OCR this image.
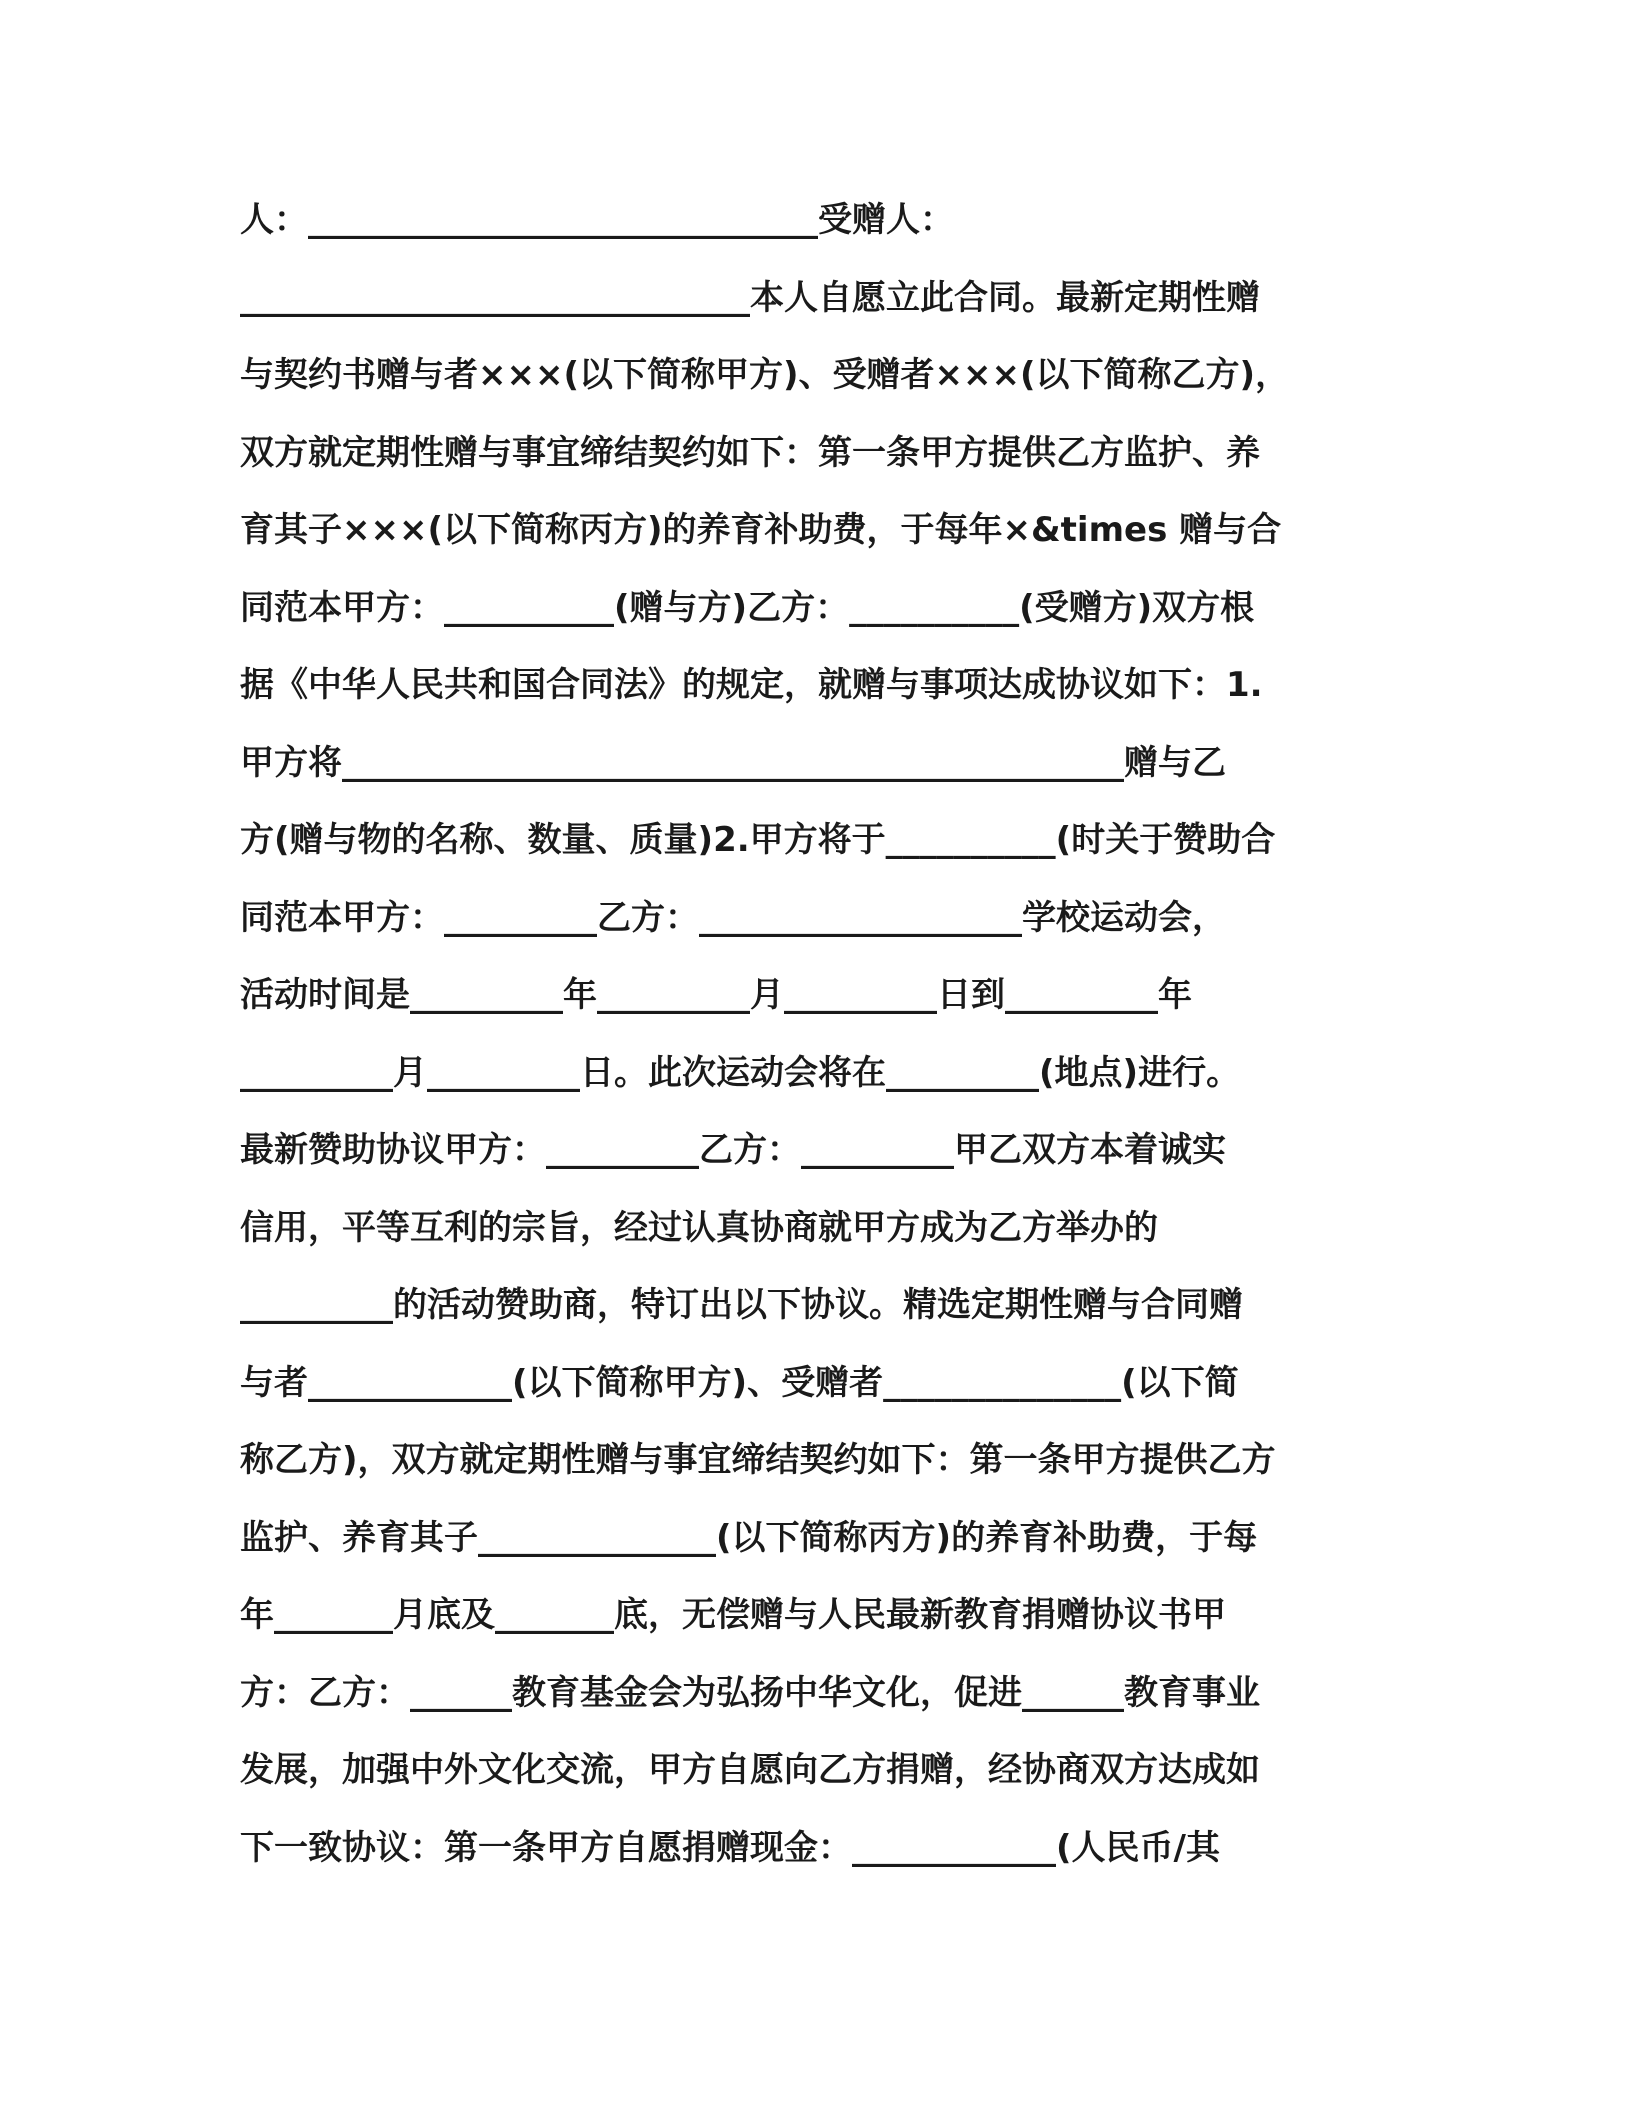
人：______________________________受赠人：
______________________________本人自愿立此合同。最新定期性赠
与契约书赠与者×××(以下简称甲方)、受赠者×××(以下简称乙方)，
双方就定期性赠与事宜缔结契约如下：第一条甲方提供乙方监护、养
育其子×××(以下简称丙方)的养育补助费，于每年×&times 赠与合
同范本甲方：__________(赠与方)乙方：__________(受赠方)双方根
据《中华人民共和国合同法》的规定，就赠与事项达成协议如下：1.
甲方将______________________________________________赠与乙
方(赠与物的名称、数量、质量)2.甲方将于__________(时关于赞助合
同范本甲方：_________乙方：___________________学校运动会，
活动时间是_________年_________月_________日到_________年
_________月_________日。此次运动会将在_________(地点)进行。
最新赞助协议甲方：_________乙方：_________甲乙双方本着诚实
信用，平等互利的宗旨，经过认真协商就甲方成为乙方举办的
_________的活动赞助商，特订出以下协议。精选定期性赠与合同赠
与者____________(以下简称甲方)、受赠者______________(以下简
称乙方)，双方就定期性赠与事宜缔结契约如下：第一条甲方提供乙方
监护、养育其子______________(以下简称丙方)的养育补助费，于每
年_______月底及_______底，无偿赠与人民最新教育捐赠协议书甲
方：乙方：______教育基金会为弘扬中华文化，促进______教育事业
发展，加强中外文化交流，甲方自愿向乙方捐赠，经协商双方达成如
下一致协议：第一条甲方自愿捐赠现金：____________(人民币/其
